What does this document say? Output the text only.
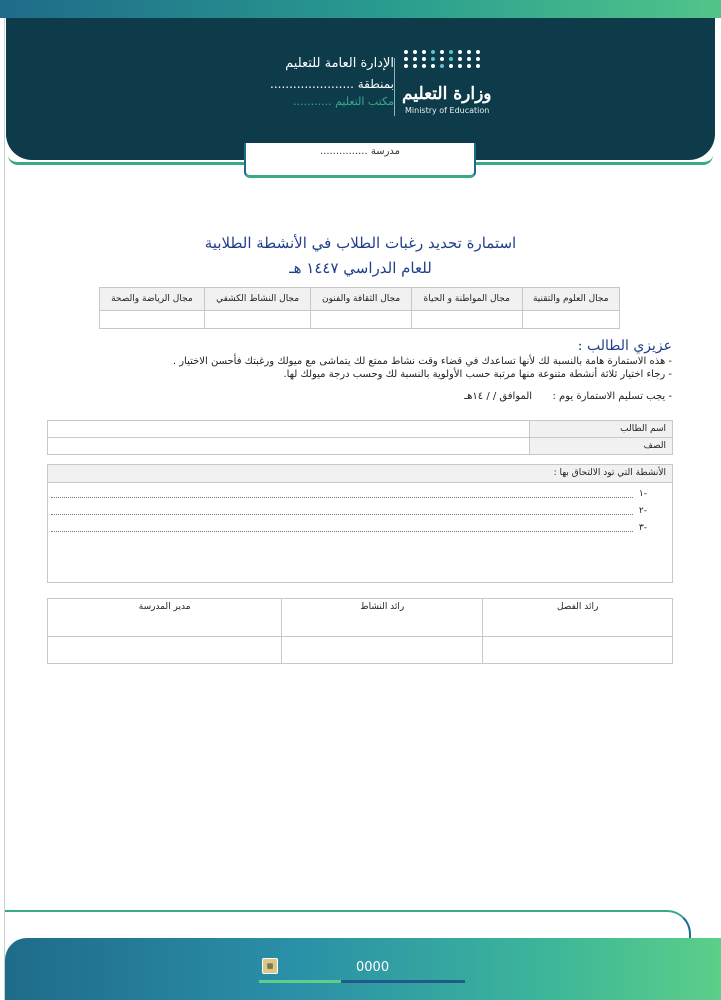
وزارة التعليم
Ministry of Education
الإدارة العامة للتعليم
بمنطقة ......................
مكتب التعليم ...........
مدرسة ...............
استمارة تحديد رغبات الطلاب في الأنشطة الطلابية
للعام الدراسي ١٤٤٧ هـ
مجال العلوم والتقنية	مجال المواطنة و الحياة	مجال الثقافة والفنون	مجال النشاط الكشفي	مجال الرياضة والصحة

عزيزي الطالب :
- هذه الاستمارة هامة بالنسبة لك لأنها تساعدك في قضاء وقت نشاط ممتع لك يتماشى مع ميولك ورغبتك فأحسن الاختيار .
- رجاء اختيار ثلاثة أنشطة متنوعة منها مرتبة حسب الأولوية بالنسبة لك وحسب درجة ميولك لها.
- يجب تسليم الاستمارة يوم :  الموافق / / ١٤هـ
اسم الطالب	
الصف	
الأنشطة التي تود الالتحاق بها :
-١
-٢
-٣
رائد الفصل	رائد النشاط	مدير المدرسة

▦	0000
